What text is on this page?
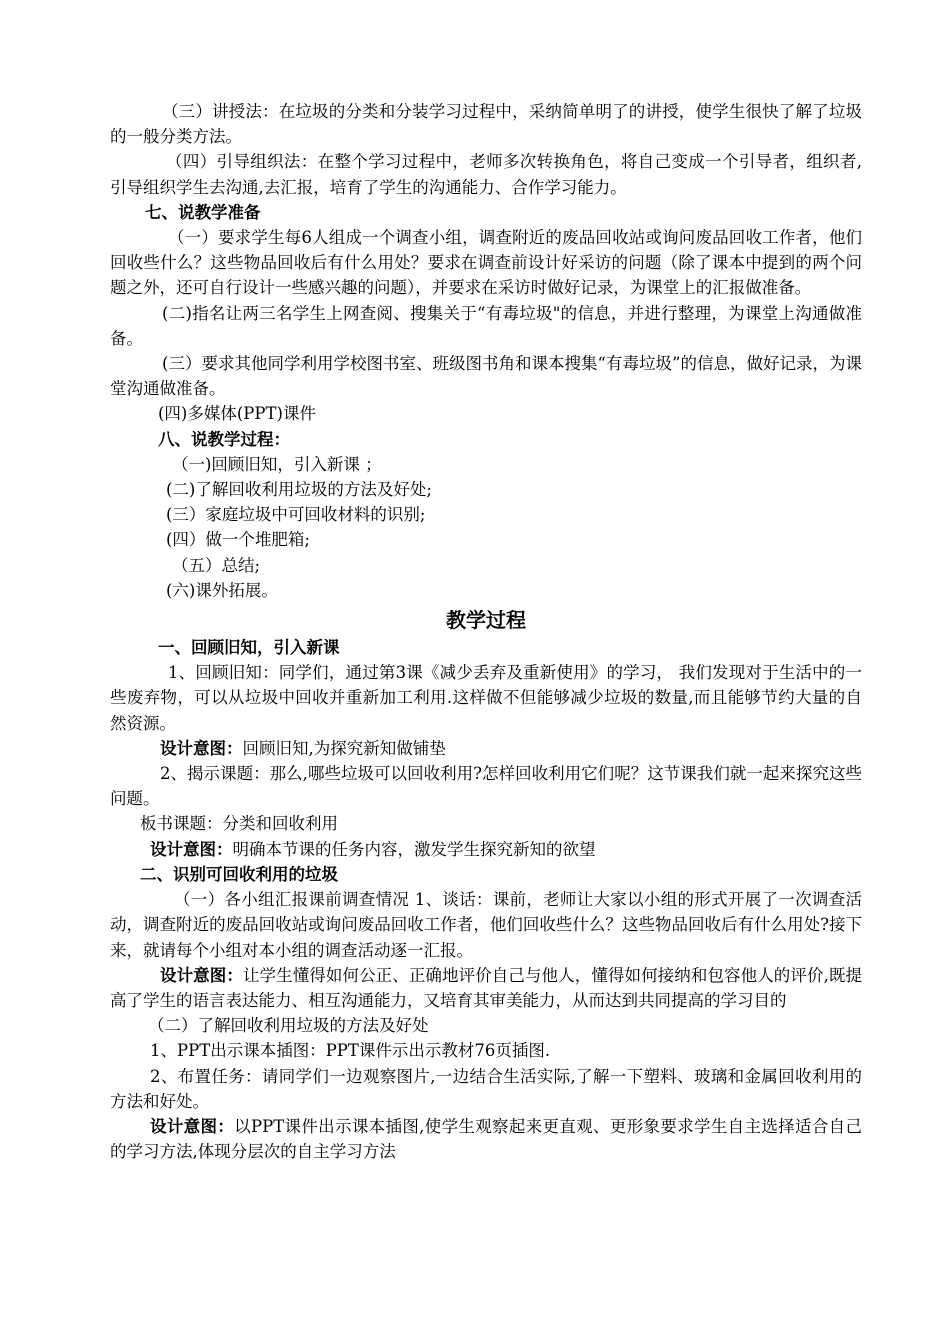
（三）讲授法：在垃圾的分类和分装学习过程中，采纳简单明了的讲授，使学生很快了解了垃圾的一般分类方法。

（四）引导组织法：在整个学习过程中，老师多次转换角色，将自己变成一个引导者，组织者,引导组织学生去沟通,去汇报，培育了学生的沟通能力、合作学习能力。

七、说教学准备

（一）要求学生每6人组成一个调查小组，调查附近的废品回收站或询问废品回收工作者，他们回收些什么？这些物品回收后有什么用处？要求在调查前设计好采访的问题（除了课本中提到的两个问题之外，还可自行设计一些感兴趣的问题），并要求在采访时做好记录，为课堂上的汇报做准备。

(二)指名让两三名学生上网查阅、搜集关于“有毒垃圾"的信息，并进行整理，为课堂上沟通做准备。

(三）要求其他同学利用学校图书室、班级图书角和课本搜集“有毒垃圾”的信息，做好记录，为课堂沟通做准备。

(四)多媒体(PPT)课件

八、说教学过程：

（一)回顾旧知，引入新课 ；

(二)了解回收利用垃圾的方法及好处;

(三）家庭垃圾中可回收材料的识别;

(四）做一个堆肥箱;

（五）总结;

(六)课外拓展。

教学过程

一、回顾旧知，引入新课

1、回顾旧知：同学们，通过第3课《减少丢弃及重新使用》的学习， 我们发现对于生活中的一些废弃物，可以从垃圾中回收并重新加工利用.这样做不但能够减少垃圾的数量,而且能够节约大量的自然资源。

设计意图：回顾旧知,为探究新知做铺垫

2、揭示课题：那么,哪些垃圾可以回收利用?怎样回收利用它们呢？这节课我们就一起来探究这些问题。

板书课题：分类和回收利用

设计意图：明确本节课的任务内容，激发学生探究新知的欲望

二、识别可回收利用的垃圾

（一）各小组汇报课前调查情况 1、谈话：课前，老师让大家以小组的形式开展了一次调查活动，调查附近的废品回收站或询问废品回收工作者，他们回收些什么？这些物品回收后有什么用处?接下来，就请每个小组对本小组的调查活动逐一汇报。

设计意图：让学生懂得如何公正、正确地评价自己与他人，懂得如何接纳和包容他人的评价,既提高了学生的语言表达能力、相互沟通能力，又培育其审美能力，从而达到共同提高的学习目的

（二）了解回收利用垃圾的方法及好处

1、PPT出示课本插图：PPT课件示出示教材76页插图.

2、布置任务：请同学们一边观察图片,一边结合生活实际,了解一下塑料、玻璃和金属回收利用的方法和好处。

设计意图：以PPT课件出示课本插图,使学生观察起来更直观、更形象要求学生自主选择适合自己的学习方法,体现分层次的自主学习方法
